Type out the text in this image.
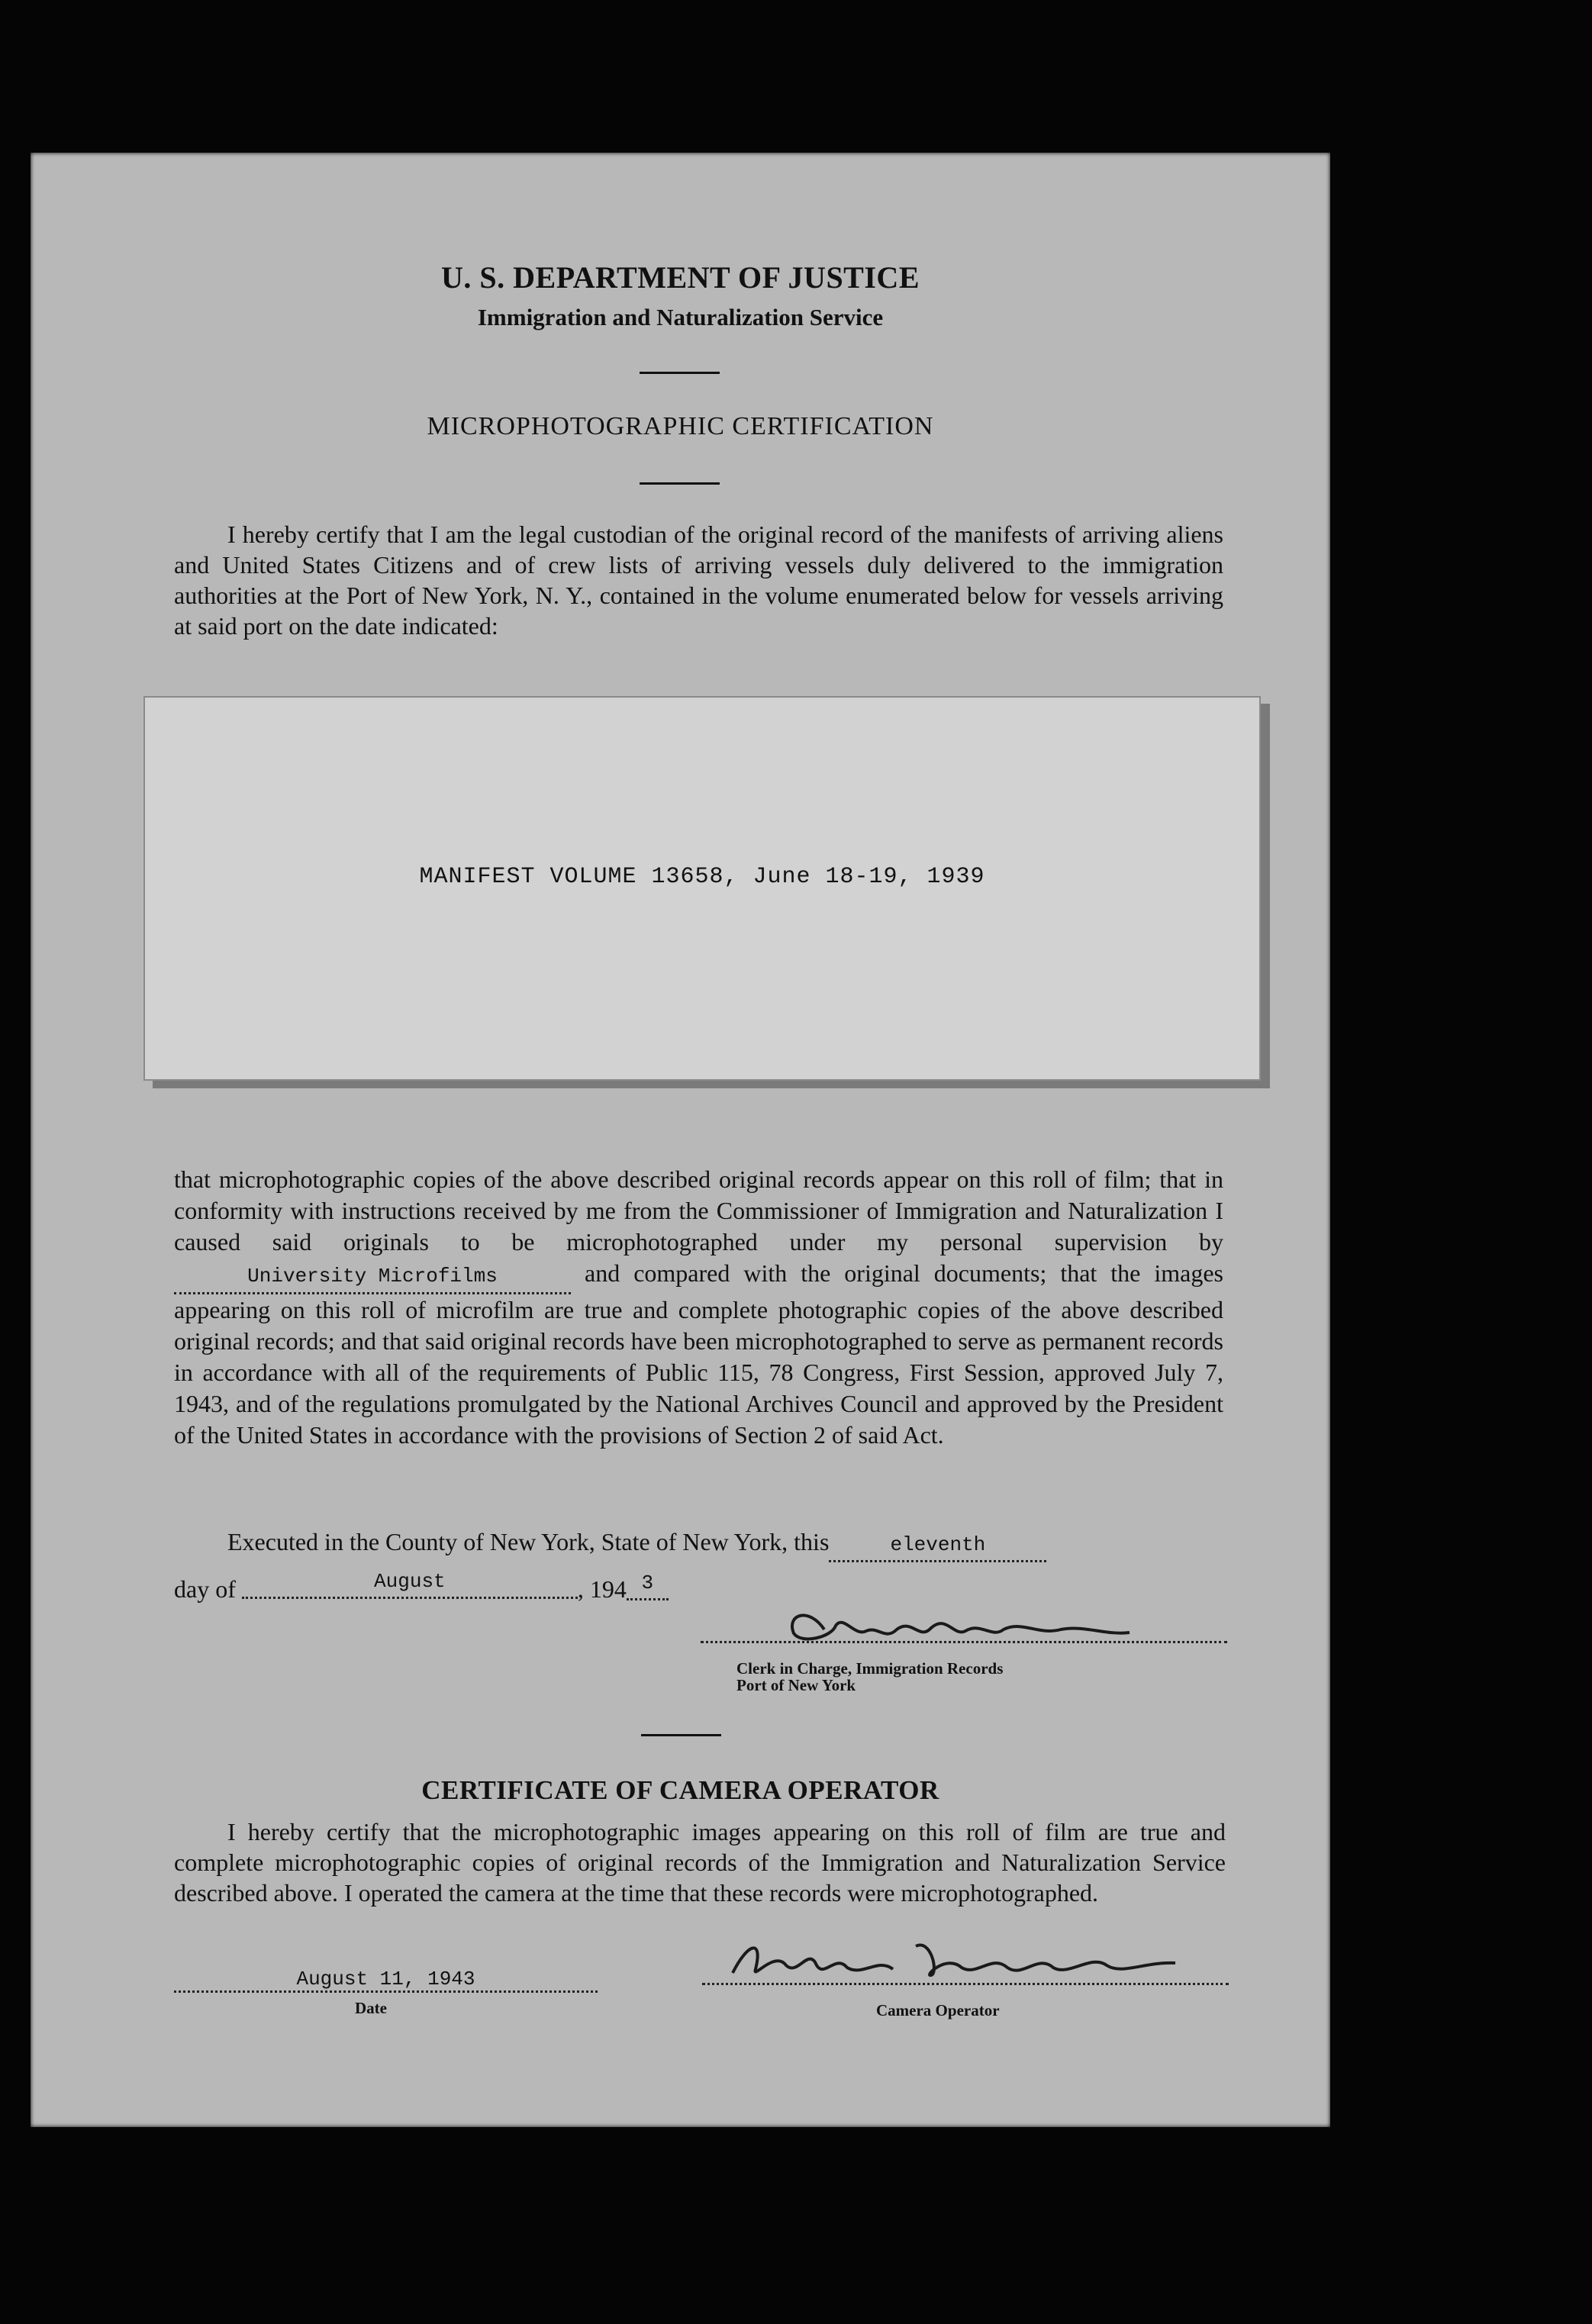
U. S. DEPARTMENT OF JUSTICE
Immigration and Naturalization Service
MICROPHOTOGRAPHIC CERTIFICATION

I hereby certify that I am the legal custodian of the original record of the manifests of arriving aliens and United States Citizens and of crew lists of arriving vessels duly delivered to the immigration authorities at the Port of New York, N. Y., contained in the volume enumerated below for vessels arriving at said port on the date indicated:

MANIFEST VOLUME 13658, June 18-19, 1939
that microphotographic copies of the above described original records appear on this roll of film; that in conformity with instructions received by me from the Commissioner of Immigration and Naturalization I caused said originals to be microphotographed under my personal supervision by University Microfilms	and compared with the original documents; that the images appearing on this roll of microfilm are true and complete photographic copies of the above described original records; and that said original records have been microphotographed to serve as permanent records in accordance with all of the requirements of Public 115, 78 Congress, First Session, approved July 7, 1943, and of the regulations promulgated by the National Archives Council and approved by the President of the United States in accordance with the provisions of Section 2 of said Act.
Executed in the County of New York, State of New York, this	eleventh
day of	August	, 194 3
Clerk in Charge, Immigration Records
Port of New York
CERTIFICATE OF CAMERA OPERATOR

I hereby certify that the microphotographic images appearing on this roll of film are true and complete microphotographic copies of original records of the Immigration and Naturalization Service described above. I operated the camera at the time that these records were microphotographed.

August 11, 1943
Date	Camera Operator
